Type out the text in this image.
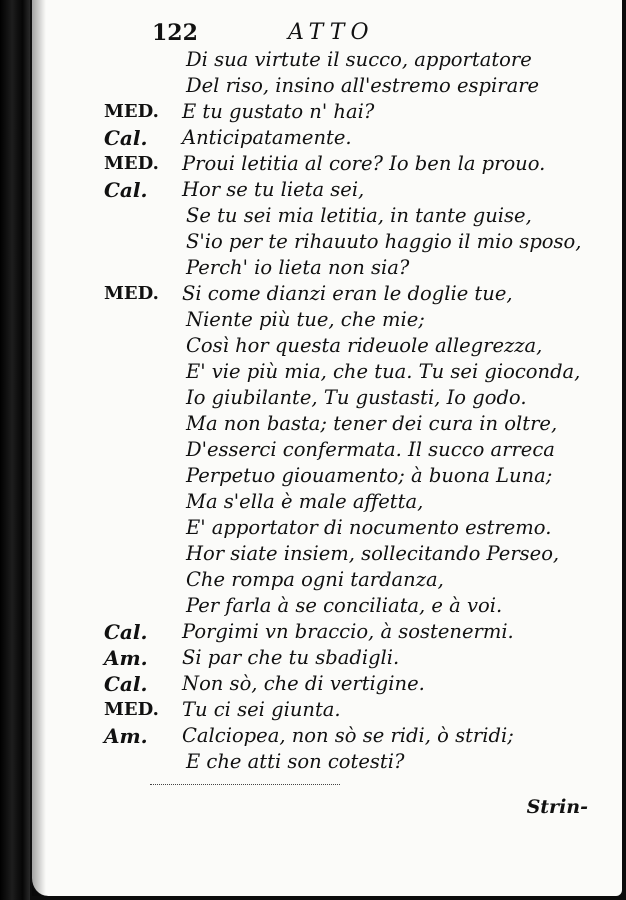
122	ATTO
Di sua virtute il succo, apportatore
Del riso, insino all'estremo espirare
MED. E tu gustato n' hai?
Cal. Anticipatamente.
MED. Proui letitia al core? Io ben la prouo.
Cal. Hor se tu lieta sei,
Se tu sei mia letitia, in tante guise,
S'io per te rihauuto haggio il mio sposo,
Perch' io lieta non sia?
MED. Si come dianzi eran le doglie tue,
Niente più tue, che mie;
Così hor questa rideuole allegrezza,
E' vie più mia, che tua. Tu sei gioconda,
Io giubilante, Tu gustasti, Io godo.
Ma non basta; tener dei cura in oltre,
D'esserci confermata. Il succo arreca
Perpetuo giouamento; à buona Luna;
Ma s'ella è male affetta,
E' apportator di nocumento estremo.
Hor siate insiem, sollecitando Perseo,
Che rompa ogni tardanza,
Per farla à se conciliata, e à voi.
Cal. Porgimi vn braccio, à sostenermi.
Am. Si par che tu sbadigli.
Cal. Non sò, che di vertigine.
MED. Tu ci sei giunta.
Am. Calciopea, non sò se ridi, ò stridi;
E che atti son cotesti?
Strin-
